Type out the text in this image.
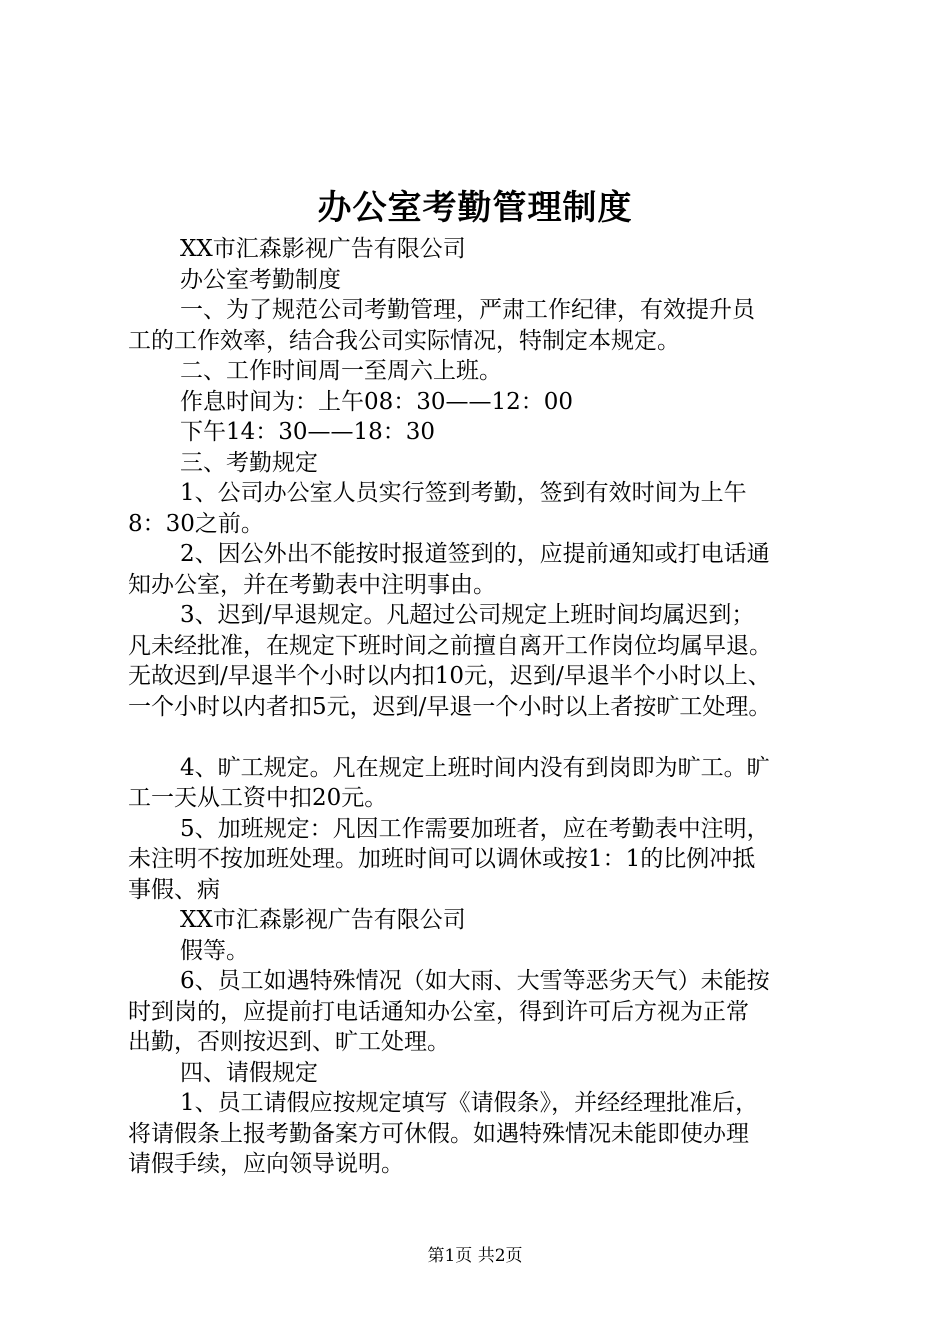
办公室考勤管理制度

XX市汇森影视广告有限公司

办公室考勤制度

一、为了规范公司考勤管理，严肃工作纪律，有效提升员

工的工作效率，结合我公司实际情况，特制定本规定。

二、工作时间周一至周六上班。

作息时间为：上午08：30——12：00

下午14：30——18：30

三、考勤规定

1、公司办公室人员实行签到考勤，签到有效时间为上午

8：30之前。

2、因公外出不能按时报道签到的，应提前通知或打电话通

知办公室，并在考勤表中注明事由。

3、迟到/早退规定。凡超过公司规定上班时间均属迟到；

凡未经批准，在规定下班时间之前擅自离开工作岗位均属早退。

无故迟到/早退半个小时以内扣10元，迟到/早退半个小时以上、

一个小时以内者扣5元，迟到/早退一个小时以上者按旷工处理。

4、旷工规定。凡在规定上班时间内没有到岗即为旷工。旷

工一天从工资中扣20元。

5、加班规定：凡因工作需要加班者，应在考勤表中注明，

未注明不按加班处理。加班时间可以调休或按1：1的比例冲抵

事假、病

XX市汇森影视广告有限公司

假等。

6、员工如遇特殊情况（如大雨、大雪等恶劣天气）未能按

时到岗的，应提前打电话通知办公室，得到许可后方视为正常

出勤，否则按迟到、旷工处理。

四、请假规定

1、员工请假应按规定填写《请假条》，并经经理批准后，

将请假条上报考勤备案方可休假。如遇特殊情况未能即使办理

请假手续，应向领导说明。

第1页 共2页
